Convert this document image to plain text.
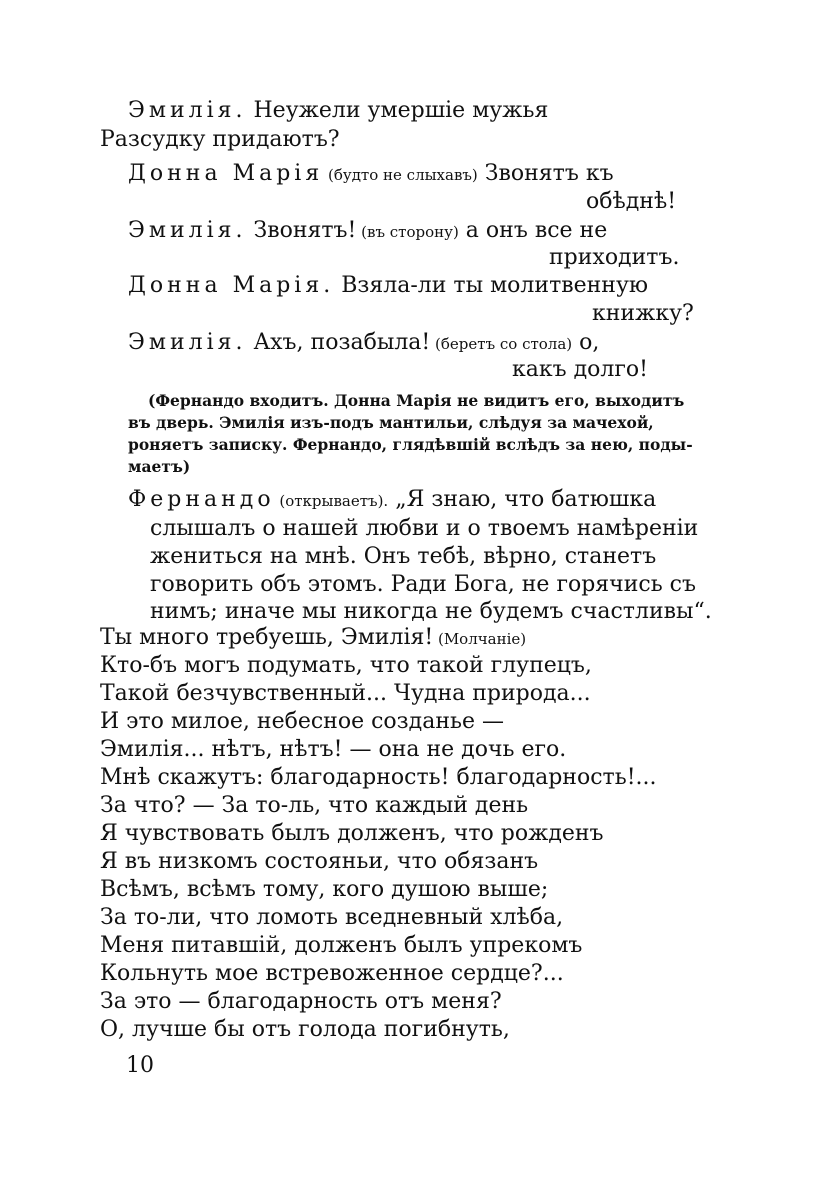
Эмилія. Неужели умершіе мужья
Разсудку придаютъ?
Донна Марія (будто не слыхавъ) Звонятъ къ
обѣднѣ!
Эмилія. Звонятъ! (въ сторону) а онъ все не
приходитъ.
Донна Марія. Взяла-ли ты молитвенную
книжку?
Эмилія. Ахъ, позабыла! (беретъ со стола) о,
какъ долго!
(Фернандо входитъ. Донна Марія не видитъ его, выходитъ
въ дверь. Эмилія изъ-подъ мантильи, слѣдуя за мачехой,
роняетъ записку. Фернандо, глядѣвшій вслѣдъ за нею, поды-
маетъ)
Фернандо (открываетъ). „Я знаю, что батюшка
слышалъ о нашей любви и о твоемъ намѣреніи
жениться на мнѣ. Онъ тебѣ, вѣрно, станетъ
говорить объ этомъ. Ради Бога, не горячись съ
нимъ; иначе мы никогда не будемъ счастливы“.
Ты много требуешь, Эмилія! (Молчаніе)
Кто-бъ могъ подумать, что такой глупецъ,
Такой безчувственный... Чудна природа...
И это милое, небесное созданье —
Эмилія... нѣтъ, нѣтъ! — она не дочь его.
Мнѣ скажутъ: благодарность! благодарность!...
За что? — За то-ль, что каждый день
Я чувствовать былъ долженъ, что рожденъ
Я въ низкомъ состояньи, что обязанъ
Всѣмъ, всѣмъ тому, кого душою выше;
За то-ли, что ломоть вседневный хлѣба,
Меня питавшій, долженъ былъ упрекомъ
Кольнуть мое встревоженное сердце?...
За это — благодарность отъ меня?
О, лучше бы отъ голода погибнуть,
10
